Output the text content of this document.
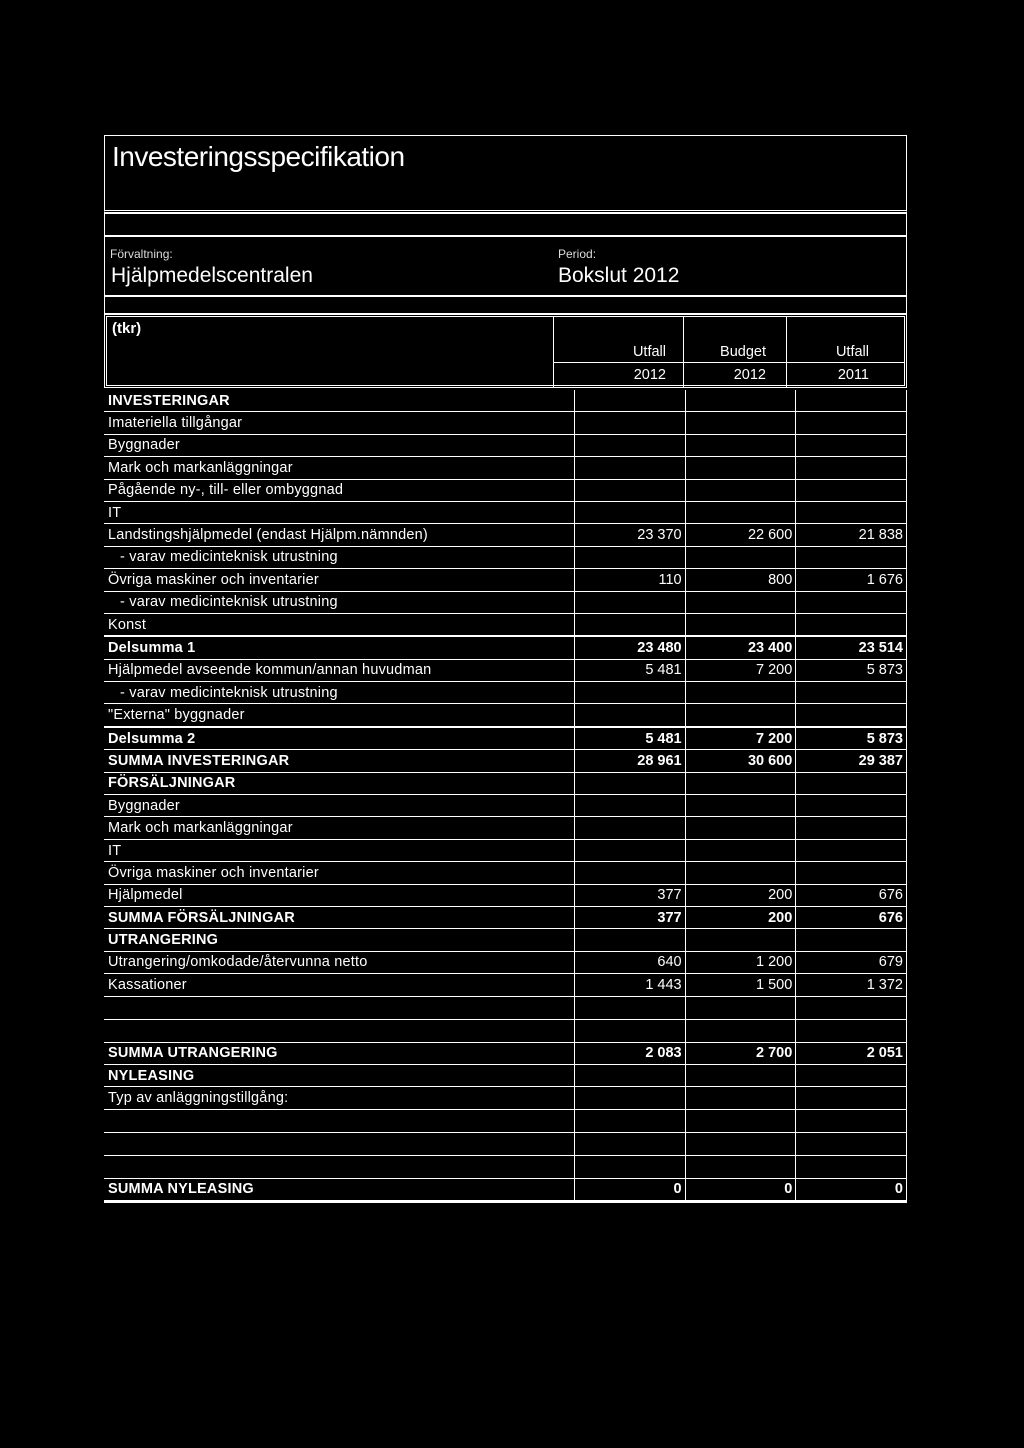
Investeringsspecifikation
Förvaltning:
Hjälpmedelscentralen
Period:
Bokslut 2012
(tkr)
Utfall	Budget	Utfall
2012	2012	2011
INVESTERINGAR			
Imateriella tillgångar			
Byggnader			
Mark och markanläggningar			
Pågående ny-, till- eller ombyggnad			
IT			
Landstingshjälpmedel (endast Hjälpm.nämnden)	23 370	22 600	21 838
- varav medicinteknisk utrustning			
Övriga maskiner och inventarier	110	800	1 676
- varav medicinteknisk utrustning			
Konst			
Delsumma 1	23 480	23 400	23 514
Hjälpmedel avseende kommun/annan huvudman	5 481	7 200	5 873
- varav medicinteknisk utrustning			
"Externa" byggnader			
Delsumma 2	5 481	7 200	5 873
SUMMA INVESTERINGAR	28 961	30 600	29 387
FÖRSÄLJNINGAR			
Byggnader			
Mark och markanläggningar			
IT			
Övriga maskiner och inventarier			
Hjälpmedel	377	200	676
SUMMA FÖRSÄLJNINGAR	377	200	676
UTRANGERING			
Utrangering/omkodade/återvunna netto	640	1 200	679
Kassationer	1 443	1 500	1 372

SUMMA UTRANGERING	2 083	2 700	2 051
NYLEASING			
Typ av anläggningstillgång:			

SUMMA NYLEASING	0	0	0
